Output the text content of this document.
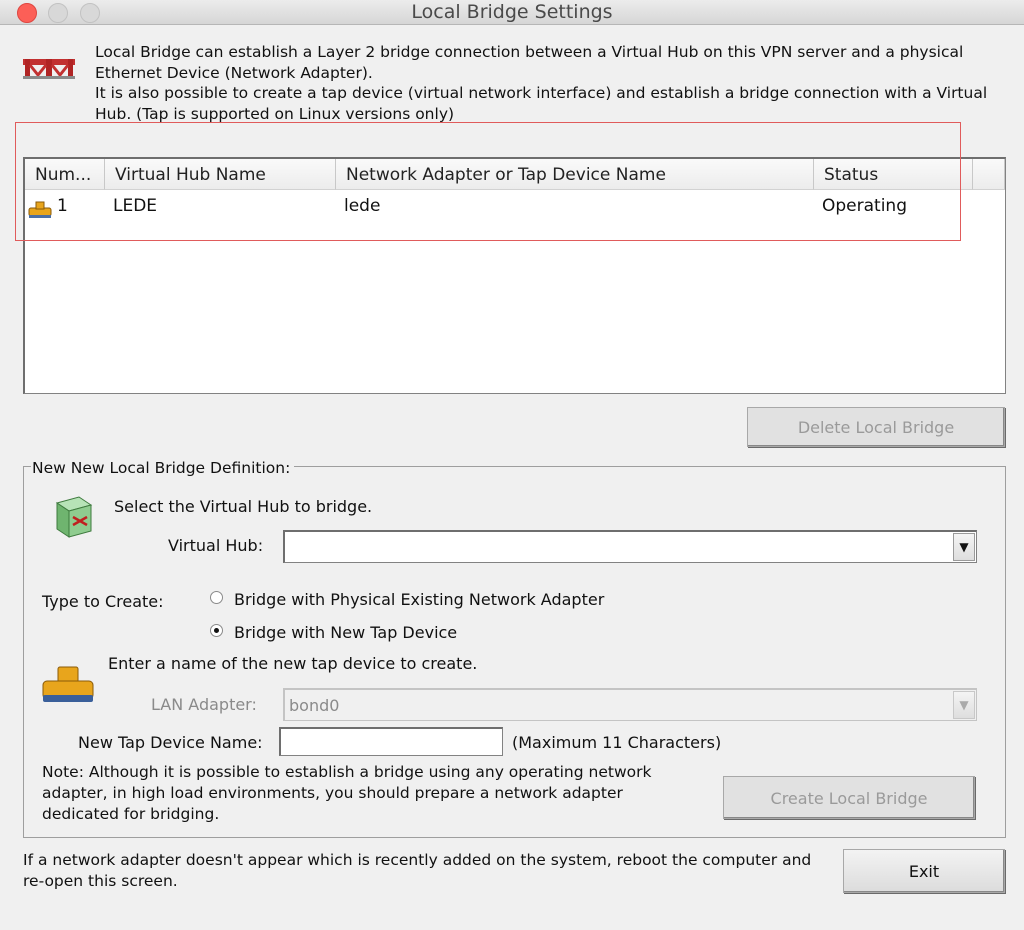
Local Bridge Settings

Local Bridge can establish a Layer 2 bridge connection between a Virtual Hub on this VPN server and a physical Ethernet Device (Network Adapter).

It is also possible to create a tap device (virtual network interface) and establish a bridge connection with a Virtual Hub. (Tap is supported on Linux versions only)

Num...	Virtual Hub Name	Network Adapter or Tap Device Name	Status
1	LEDE	lede	Operating
Delete Local Bridge
New New Local Bridge Definition:
Select the Virtual Hub to bridge.
Virtual Hub:	▼
Type to Create:	Bridge with Physical Existing Network Adapter
Bridge with New Tap Device
Enter a name of the new tap device to create.
LAN Adapter: bond0	▼
New Tap Device Name:	(Maximum 11 Characters)
Note: Although it is possible to establish a bridge using any operating network adapter, in high load environments, you should prepare a network adapter dedicated for bridging.
Create Local Bridge
If a network adapter doesn't appear which is recently added on the system, reboot the computer and re-open this screen.	Exit
